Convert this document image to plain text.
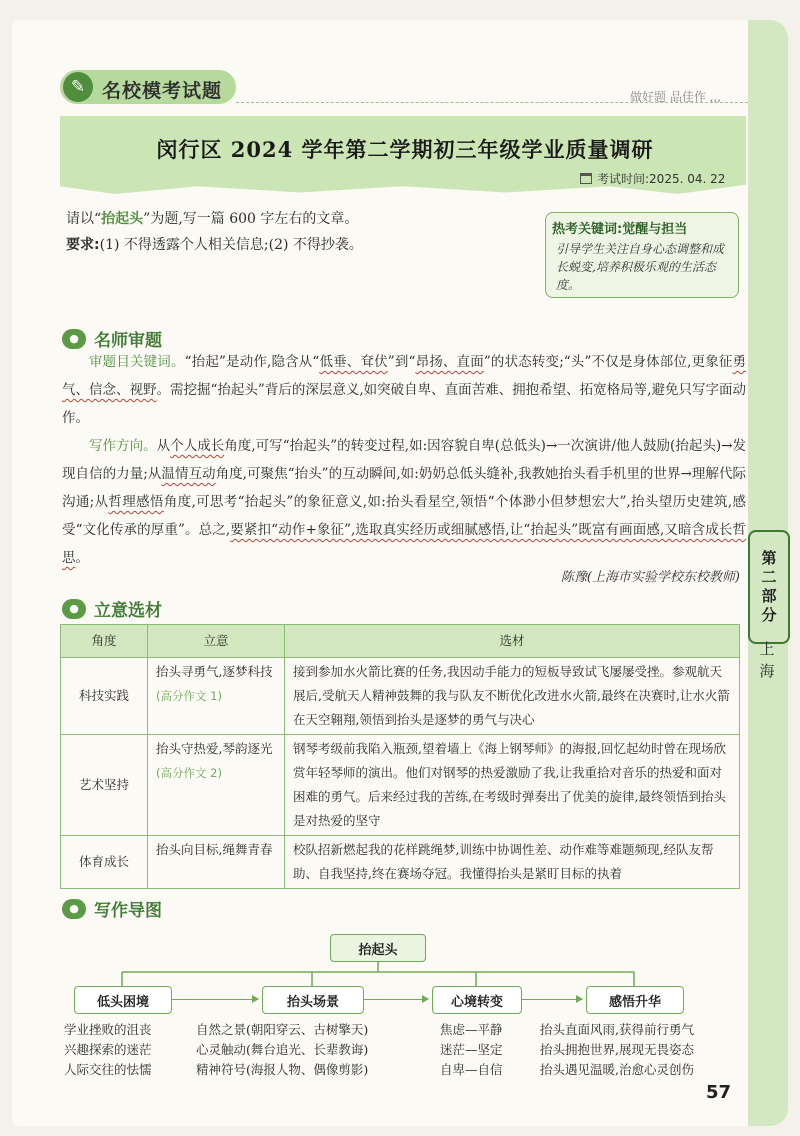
第
二
部
分
上
海
✎ 名校模考试题	做好题 品佳作 ,,,
闵行区 2024 学年第二学期初三年级学业质量调研
考试时间:2025. 04. 22
请以“抬起头”为题,写一篇 600 字左右的文章。
要求:(1) 不得透露个人相关信息;(2) 不得抄袭。
热考关键词:觉醒与担当
引导学生关注自身心态调整和成长蜕变,培养积极乐观的生活态度。
● 名师审题
审题目关键词。“抬起”是动作,隐含从“低垂、耷伏”到“昂扬、直面”的状态转变;“头”不仅是身体部位,更象征勇气、信念、视野。需挖掘“抬起头”背后的深层意义,如突破自卑、直面苦难、拥抱希望、拓宽格局等,避免只写字面动作。
写作方向。从个人成长角度,可写“抬起头”的转变过程,如:因容貌自卑(总低头)→一次演讲/他人鼓励(抬起头)→发现自信的力量;从温情互动角度,可聚焦“抬头”的互动瞬间,如:奶奶总低头缝补,我教她抬头看手机里的世界→理解代际沟通;从哲理感悟角度,可思考“抬起头”的象征意义,如:抬头看星空,领悟“个体渺小但梦想宏大”,抬头望历史建筑,感受“文化传承的厚重”。总之,要紧扣“动作+象征”,选取真实经历或细腻感悟,让“抬起头”既富有画面感,又暗含成长哲思。
陈豫(上海市实验学校东校教师)
● 立意选材
角度	立意	选材
科技实践	抬头寻勇气,逐梦科技(高分作文 1)	接到参加水火箭比赛的任务,我因动手能力的短板导致试飞屡屡受挫。参观航天展后,受航天人精神鼓舞的我与队友不断优化改进水火箭,最终在决赛时,让水火箭在天空翱翔,领悟到抬头是逐梦的勇气与决心
艺术坚持	抬头守热爱,琴韵逐光(高分作文 2)	钢琴考级前我陷入瓶颈,望着墙上《海上钢琴师》的海报,回忆起幼时曾在现场欣赏年轻琴师的演出。他们对钢琴的热爱激励了我,让我重拾对音乐的热爱和面对困难的勇气。后来经过我的苦练,在考级时弹奏出了优美的旋律,最终领悟到抬头是对热爱的坚守
体育成长	抬头向目标,绳舞青春	校队招新燃起我的花样跳绳梦,训练中协调性差、动作难等难题频现,经队友帮助、自我坚持,终在赛场夺冠。我懂得抬头是紧盯目标的执着
● 写作导图
抬起头
低头困境	抬头场景	心境转变	感悟升华
学业挫败的沮丧
兴趣探索的迷茫
人际交往的怯懦
自然之景(朝阳穿云、古树擎天)
心灵触动(舞台追光、长辈教诲)
精神符号(海报人物、偶像剪影)
焦虑—平静
迷茫—坚定
自卑—自信
抬头直面风雨,获得前行勇气
抬头拥抱世界,展现无畏姿态
抬头遇见温暖,治愈心灵创伤
57
